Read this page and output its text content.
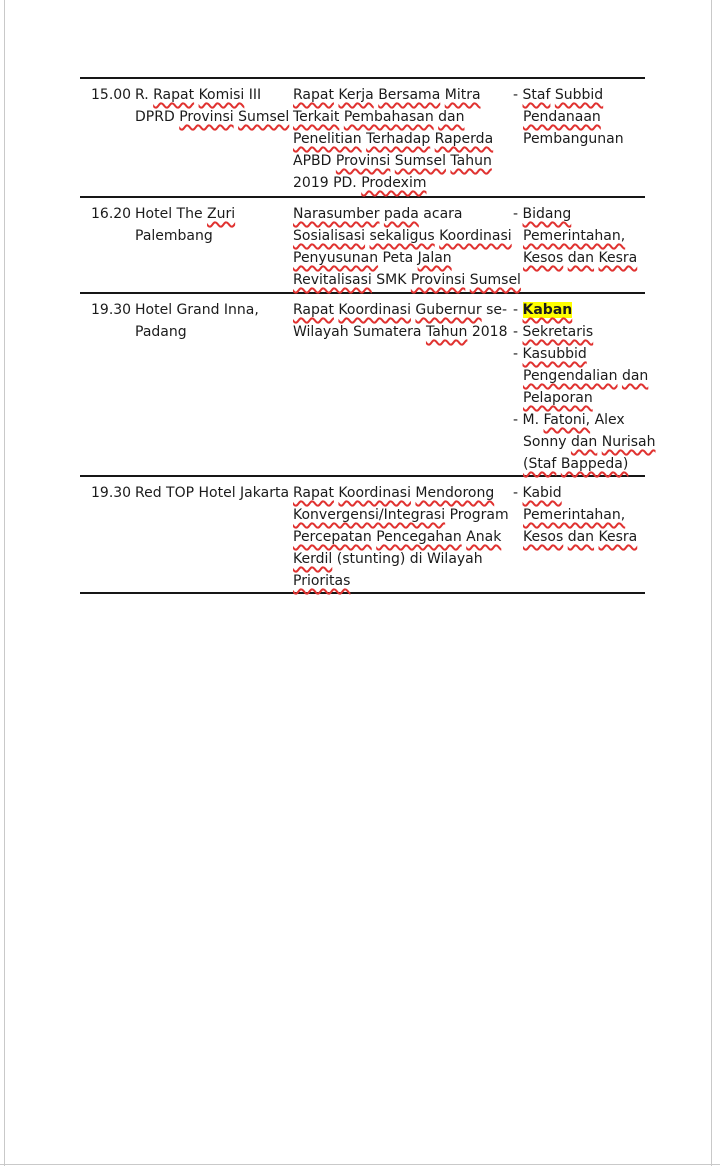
15.00 R. Rapat Komisi III
DPRD Provinsi Sumsel
Rapat Kerja Bersama Mitra
Terkait Pembahasan dan
Penelitian Terhadap Raperda
APBD Provinsi Sumsel Tahun
2019 PD. Prodexim
- Staf Subbid
Pendanaan
Pembangunan
16.20 Hotel The Zuri
Palembang
Narasumber pada acara
Sosialisasi sekaligus Koordinasi
Penyusunan Peta Jalan
Revitalisasi SMK Provinsi Sumsel
- Bidang
Pemerintahan,
Kesos dan Kesra
19.30 Hotel Grand Inna,
Padang
Rapat Koordinasi Gubernur se-
Wilayah Sumatera Tahun 2018
- Kaban
- Sekretaris
- Kasubbid
Pengendalian dan
Pelaporan
- M. Fatoni, Alex
Sonny dan Nurisah
(Staf Bappeda)
19.30 Red TOP Hotel Jakarta Rapat Koordinasi Mendorong
Konvergensi/Integrasi Program
Percepatan Pencegahan Anak
Kerdil (stunting) di Wilayah
Prioritas
- Kabid
Pemerintahan,
Kesos dan Kesra
